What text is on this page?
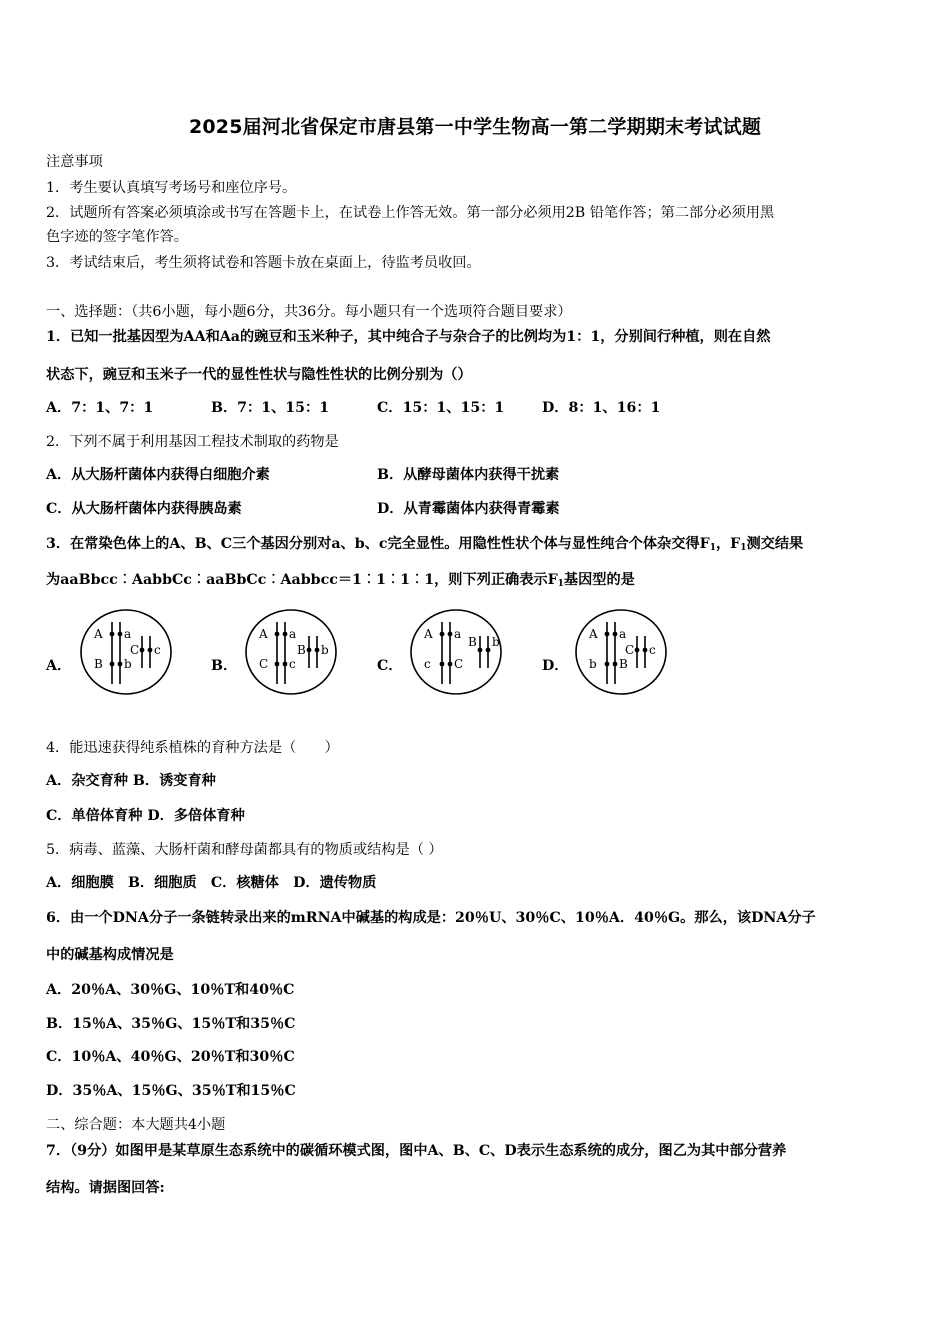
2025届河北省保定市唐县第一中学生物高一第二学期期末考试试题
注意事项
1．考生要认真填写考场号和座位序号。
2．试题所有答案必须填涂或书写在答题卡上，在试卷上作答无效。第一部分必须用2B 铅笔作答；第二部分必须用黑
色字迹的签字笔作答。
3．考试结束后，考生须将试卷和答题卡放在桌面上，待监考员收回。
一、选择题：（共6小题，每小题6分，共36分。每小题只有一个选项符合题目要求）
1．已知一批基因型为AA和Aa的豌豆和玉米种子，其中纯合子与杂合子的比例均为1：1，分别间行种植，则在自然
状态下，豌豆和玉米子一代的显性性状与隐性性状的比例分别为（）
A．7：1、7：1	B．7：1、15：1	C．15：1、15：1	D．8：1、16：1
2．下列不属于利用基因工程技术制取的药物是
A．从大肠杆菌体内获得白细胞介素	B．从酵母菌体内获得干扰素
C．从大肠杆菌体内获得胰岛素	D．从青霉菌体内获得青霉素
3．在常染色体上的A、B、C三个基因分别对a、b、c完全显性。用隐性性状个体与显性纯合个体杂交得$F_1$，$F_1$测交结果
为aaBbcc︰AabbCc︰aaBbCc︰Aabbcc＝1︰1︰1︰1，则下列正确表示$F_1$基因型的是
A．	B．	C．	D．
A a
B b
C c
A a
C c
B b
A a
c C
B b
A a
b B
C c
4．能迅速获得纯系植株的育种方法是（　　）
A．杂交育种 B．诱变育种
C．单倍体育种 D．多倍体育种
5．病毒、蓝藻、大肠杆菌和酵母菌都具有的物质或结构是（ ）
A．细胞膜　B．细胞质　C．核糖体　D．遗传物质
6．由一个DNA分子一条链转录出来的mRNA中碱基的构成是：20％U、30％C、10％A．40％G。那么，该DNA分子
中的碱基构成情况是
A．20％A、30％G、10％T和40％C
B．15％A、35％G、15％T和35％C
C．10％A、40％G、20％T和30％C
D．35％A、15％G、35％T和15％C
二、综合题：本大题共4小题
7．（9分）如图甲是某草原生态系统中的碳循环模式图，图中A、B、C、D表示生态系统的成分，图乙为其中部分营养
结构。请据图回答:
